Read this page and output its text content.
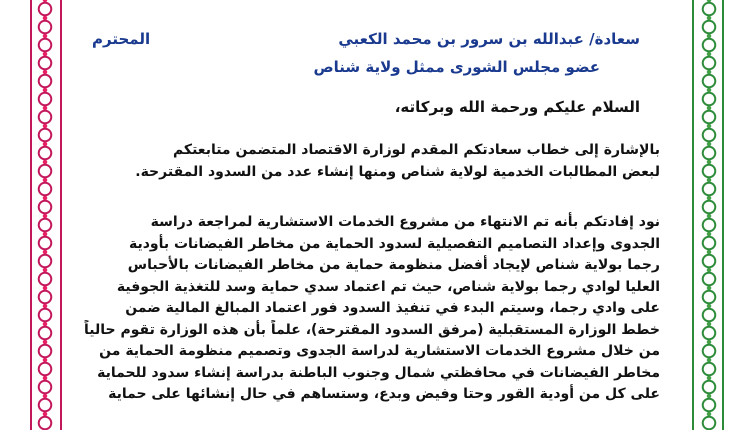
سعادة/ عبدالله بن سرور بن محمد الكعبي
المحترم
عضو مجلس الشورى ممثل ولاية شناص
السلام عليكم ورحمة الله وبركاته،
بالإشارة إلى خطاب سعادتكم المقدم لوزارة الاقتصاد المتضمن متابعتكم
لبعض المطالبات الخدمية لولاية شناص ومنها إنشاء عدد من السدود المقترحة.
نود إفادتكم بأنه تم الانتهاء من مشروع الخدمات الاستشارية لمراجعة دراسة
الجدوى وإعداد التصاميم التفصيلية لسدود الحماية من مخاطر الفيضانات بأودية
رجما بولاية شناص لإيجاد أفضل منظومة حماية من مخاطر الفيضانات بالأحباس
العليا لوادي رجما بولاية شناص، حيث تم اعتماد سدي حماية وسد للتغذية الجوفية
على وادي رجما، وسيتم البدء في تنفيذ السدود فور اعتماد المبالغ المالية ضمن
خطط الوزارة المستقبلية (مرفق السدود المقترحة)، علماً بأن هذه الوزارة تقوم حالياً
من خلال مشروع الخدمات الاستشارية لدراسة الجدوى وتصميم منظومة الحماية من
مخاطر الفيضانات في محافظتي شمال وجنوب الباطنة بدراسة إنشاء سدود للحماية
على كل من أودية القور وحتا وفيض وبدع، وستساهم في حال إنشائها على حماية
